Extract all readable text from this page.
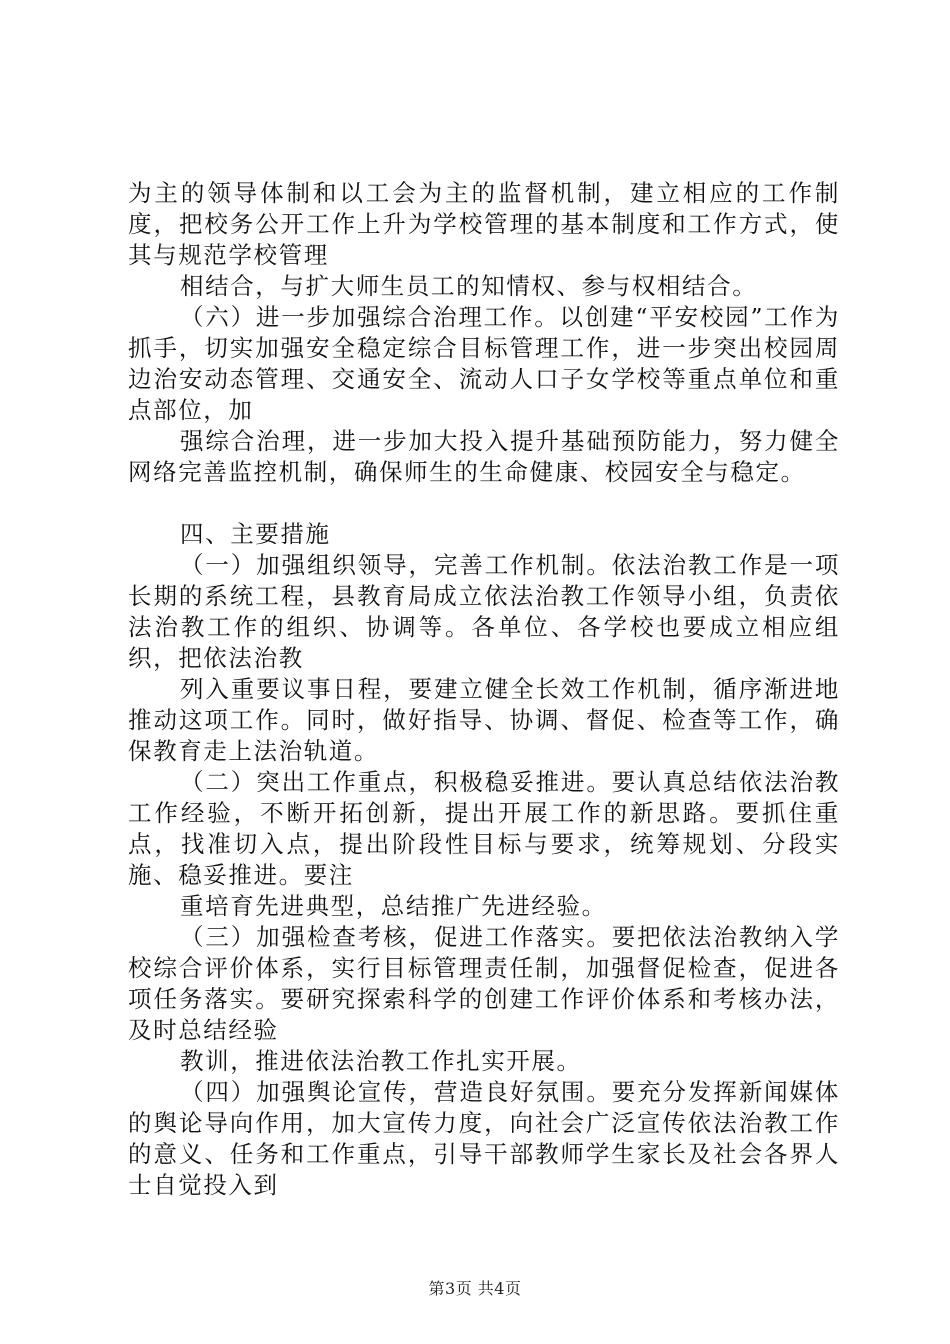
为主的领导体制和以工会为主的监督机制，建立相应的工作制度，把校务公开工作上升为学校管理的基本制度和工作方式，使其与规范学校管理

相结合，与扩大师生员工的知情权、参与权相结合。

（六）进一步加强综合治理工作。以创建“平安校园”工作为抓手，切实加强安全稳定综合目标管理工作，进一步突出校园周边治安动态管理、交通安全、流动人口子女学校等重点单位和重点部位，加

强综合治理，进一步加大投入提升基础预防能力，努力健全网络完善监控机制，确保师生的生命健康、校园安全与稳定。

四、主要措施

（一）加强组织领导，完善工作机制。依法治教工作是一项长期的系统工程，县教育局成立依法治教工作领导小组，负责依法治教工作的组织、协调等。各单位、各学校也要成立相应组织，把依法治教

列入重要议事日程，要建立健全长效工作机制，循序渐进地推动这项工作。同时，做好指导、协调、督促、检查等工作，确保教育走上法治轨道。

（二）突出工作重点，积极稳妥推进。要认真总结依法治教工作经验，不断开拓创新，提出开展工作的新思路。要抓住重点，找准切入点，提出阶段性目标与要求，统筹规划、分段实施、稳妥推进。要注

重培育先进典型，总结推广先进经验。

（三）加强检查考核，促进工作落实。要把依法治教纳入学校综合评价体系，实行目标管理责任制，加强督促检查，促进各项任务落实。要研究探索科学的创建工作评价体系和考核办法，及时总结经验

教训，推进依法治教工作扎实开展。

（四）加强舆论宣传，营造良好氛围。要充分发挥新闻媒体的舆论导向作用，加大宣传力度，向社会广泛宣传依法治教工作的意义、任务和工作重点，引导干部教师学生家长及社会各界人士自觉投入到

第3页 共4页
